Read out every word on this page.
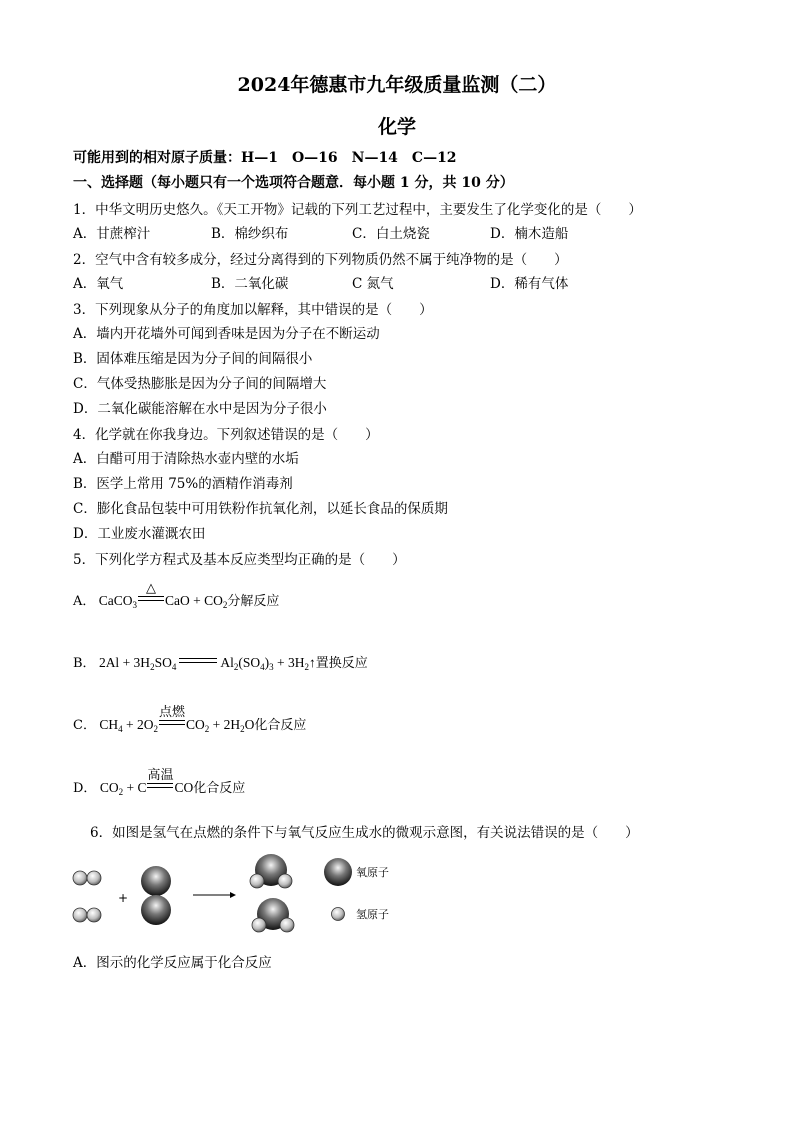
2024年德惠市九年级质量监测（二）
化学
可能用到的相对原子质量：H—1　O—16　N—14　C—12
一、选择题（每小题只有一个选项符合题意．每小题 1 分，共 10 分）
1．中华文明历史悠久。《天工开物》记载的下列工艺过程中，主要发生了化学变化的是（　　）
A．甘蔗榨汁	B．棉纱织布	C．白土烧瓷	D．楠木造船
2．空气中含有较多成分，经过分离得到的下列物质仍然不属于纯净物的是（　　）
A．氧气	B．二氧化碳	C 氮气	D．稀有气体
3．下列现象从分子的角度加以解释，其中错误的是（　　）
A．墙内开花墙外可闻到香味是因为分子在不断运动
B．固体难压缩是因为分子间的间隔很小
C．气体受热膨胀是因为分子间的间隔增大
D．二氧化碳能溶解在水中是因为分子很小
4．化学就在你我身边。下列叙述错误的是（　　）
A．白醋可用于清除热水壶内壁的水垢
B．医学上常用 75%的酒精作消毒剂
C．膨化食品包装中可用铁粉作抗氧化剂，以延长食品的保质期
D．工业废水灌溉农田
5．下列化学方程式及基本反应类型均正确的是（　　）
A． CaCO$_3$
△
CaO + $CO_2$分解反应
B． $2Al + 3H_2SO_4$	$Al_2(SO_4)_3$ + $3H_2↑$置换反应
C． $CH_4 + 2O_2$
点燃
$CO_2 + 2H_2O$化合反应
D． $CO_2 + C$
高温
CO化合反应
6．如图是氢气在点燃的条件下与氧气反应生成水的微观示意图，有关说法错误的是（　　）
+
氧原子
氢原子
A．图示的化学反应属于化合反应
